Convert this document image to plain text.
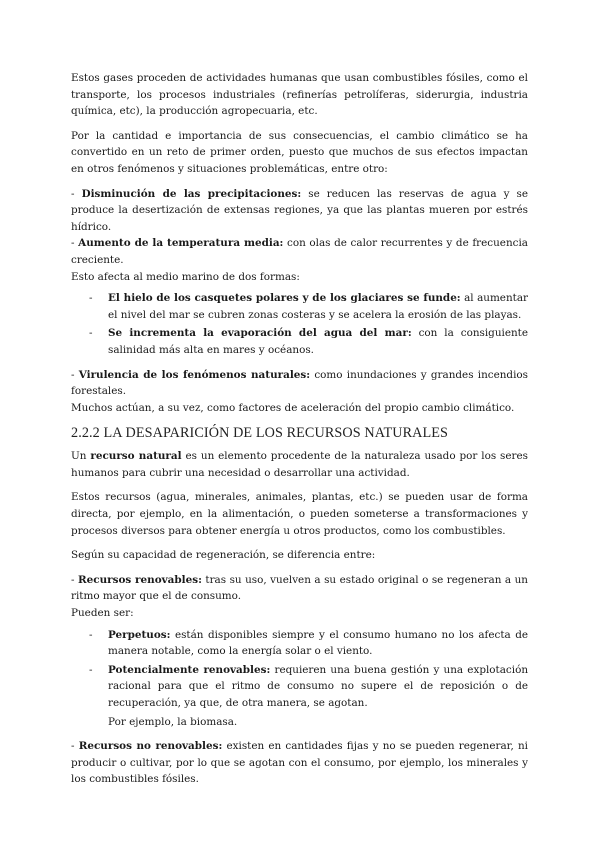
Estos gases proceden de actividades humanas que usan combustibles fósiles, como el transporte, los procesos industriales (refinerías petrolíferas, siderurgia, industria química, etc), la producción agropecuaria, etc.

Por la cantidad e importancia de sus consecuencias, el cambio climático se ha convertido en un reto de primer orden, puesto que muchos de sus efectos impactan en otros fenómenos y situaciones problemáticas, entre otro:

- Disminución de las precipitaciones: se reducen las reservas de agua y se produce la desertización de extensas regiones, ya que las plantas mueren por estrés hídrico.

- Aumento de la temperatura media: con olas de calor recurrentes y de frecuencia creciente.

Esto afecta al medio marino de dos formas:

- El hielo de los casquetes polares y de los glaciares se funde: al aumentar el nivel del mar se cubren zonas costeras y se acelera la erosión de las playas.
- Se incrementa la evaporación del agua del mar: con la consiguiente salinidad más alta en mares y océanos.

- Virulencia de los fenómenos naturales: como inundaciones y grandes incendios forestales.

Muchos actúan, a su vez, como factores de aceleración del propio cambio climático.

2.2.2 LA DESAPARICIÓN DE LOS RECURSOS NATURALES

Un recurso natural es un elemento procedente de la naturaleza usado por los seres humanos para cubrir una necesidad o desarrollar una actividad.

Estos recursos (agua, minerales, animales, plantas, etc.) se pueden usar de forma directa, por ejemplo, en la alimentación, o pueden someterse a transformaciones y procesos diversos para obtener energía u otros productos, como los combustibles.

Según su capacidad de regeneración, se diferencia entre:

- Recursos renovables: tras su uso, vuelven a su estado original o se regeneran a un ritmo mayor que el de consumo.

Pueden ser:

- Perpetuos: están disponibles siempre y el consumo humano no los afecta de manera notable, como la energía solar o el viento.
- Potencialmente renovables: requieren una buena gestión y una explotación racional para que el ritmo de consumo no supere el de reposición o de recuperación, ya que, de otra manera, se agotan.

Por ejemplo, la biomasa.

- Recursos no renovables: existen en cantidades fijas y no se pueden regenerar, ni producir o cultivar, por lo que se agotan con el consumo, por ejemplo, los minerales y los combustibles fósiles.
